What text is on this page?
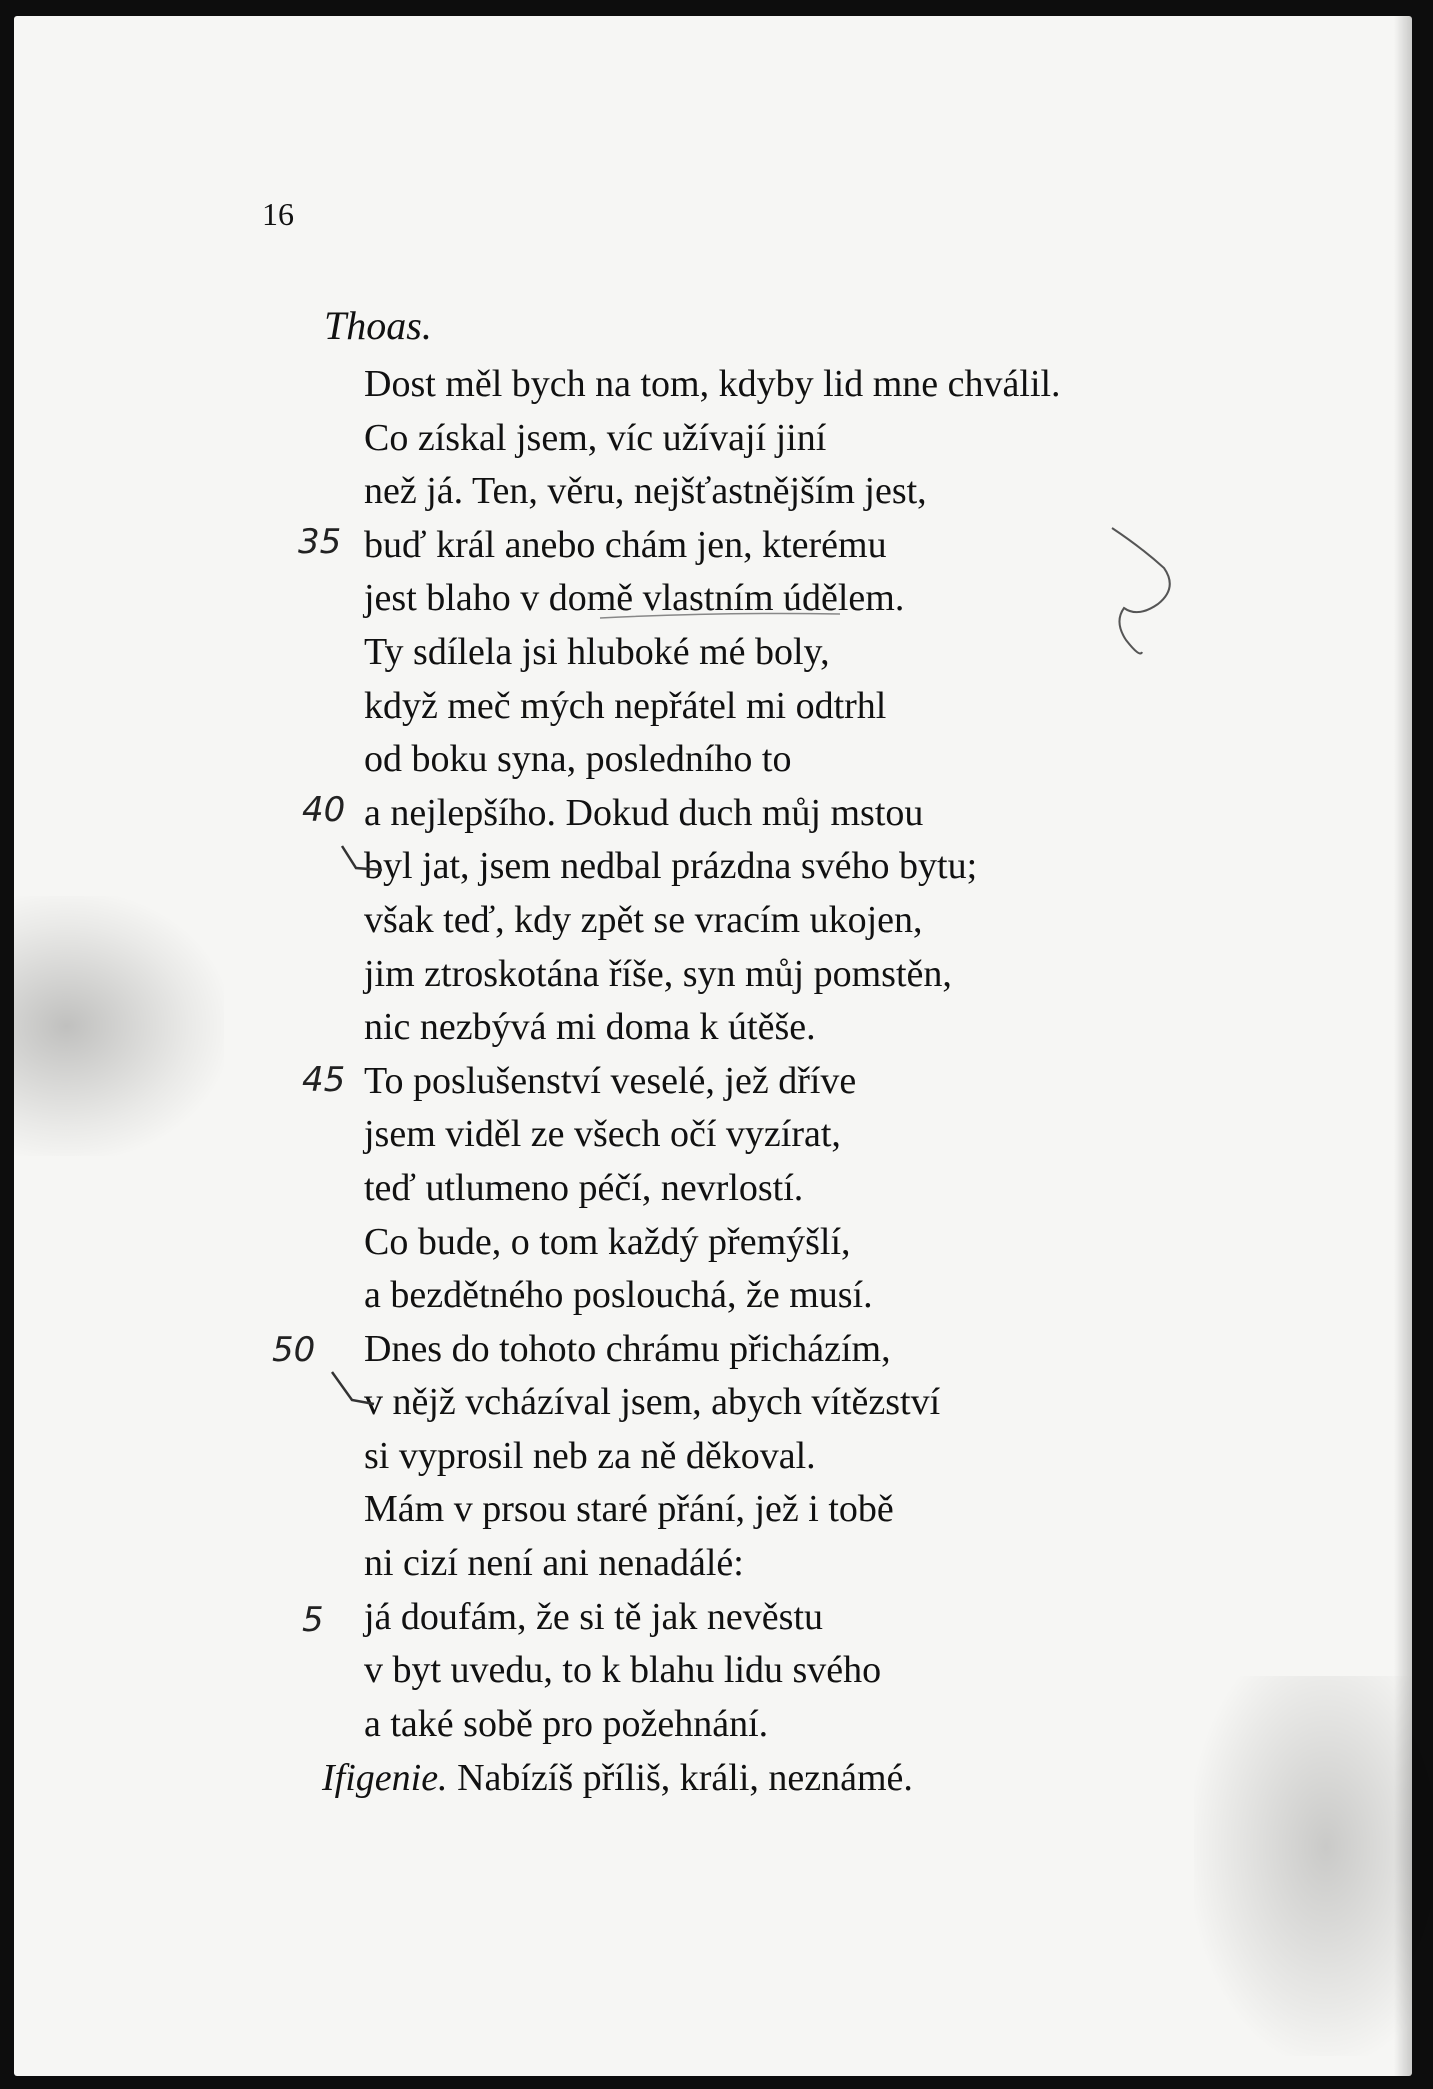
16
Thoas.
Dost měl bych na tom, kdyby lid mne chválil.
Co získal jsem, víc užívají jiní
než já. Ten, věru, nejšťastnějším jest,
buď král anebo chám jen, kterému
jest blaho v domě vlastním údělem.
Ty sdílela jsi hluboké mé boly,
když meč mých nepřátel mi odtrhl
od boku syna, posledního to
a nejlepšího. Dokud duch můj mstou
byl jat, jsem nedbal prázdna svého bytu;
však teď, kdy zpět se vracím ukojen,
jim ztroskotána říše, syn můj pomstěn,
nic nezbývá mi doma k útěše.
To poslušenství veselé, jež dříve
jsem viděl ze všech očí vyzírat,
teď utlumeno péčí, nevrlostí.
Co bude, o tom každý přemýšlí,
a bezdětného poslouchá, že musí.
Dnes do tohoto chrámu přicházím,
v nějž vcházíval jsem, abych vítězství
si vyprosil neb za ně děkoval.
Mám v prsou staré přání, jež i tobě
ni cizí není ani nenadálé:
já doufám, že si tě jak nevěstu
v byt uvedu, to k blahu lidu svého
a také sobě pro požehnání.
Ifigenie. Nabízíš příliš, králi, neznámé.
35
40
45
50
5
